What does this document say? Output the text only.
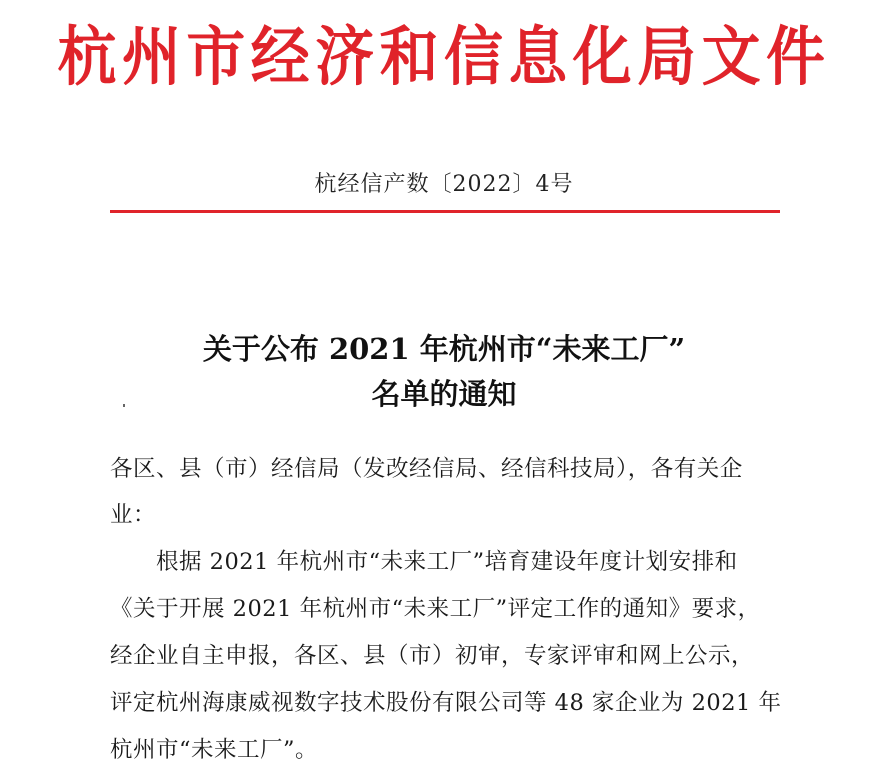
杭州市经济和信息化局文件
杭经信产数〔2022〕4号
关于公布 2021 年杭州市“未来工厂”
名单的通知
各区、县（市）经信局（发改经信局、经信科技局），各有关企
业：
　　根据 2021 年杭州市“未来工厂”培育建设年度计划安排和
《关于开展 2021 年杭州市“未来工厂”评定工作的通知》要求，
经企业自主申报，各区、县（市）初审，专家评审和网上公示，
评定杭州海康威视数字技术股份有限公司等 48 家企业为 2021 年
杭州市“未来工厂”。
